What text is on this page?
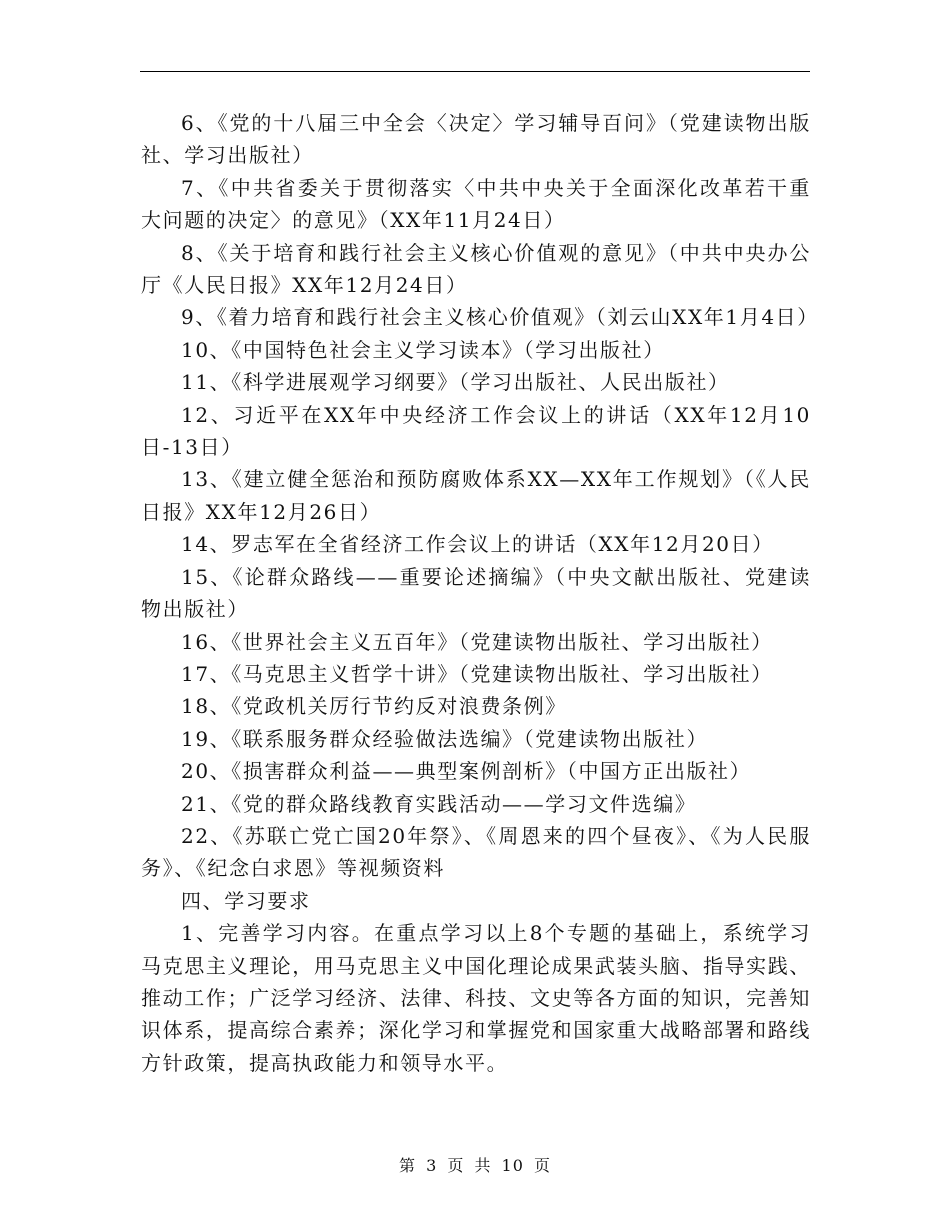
6、《党的十八届三中全会〈决定〉学习辅导百问》（党建读物出版社、学习出版社）

7、《中共省委关于贯彻落实〈中共中央关于全面深化改革若干重大问题的决定〉的意见》（XX年11月24日）

8、《关于培育和践行社会主义核心价值观的意见》（中共中央办公厅《人民日报》XX年12月24日）

9、《着力培育和践行社会主义核心价值观》（刘云山XX年1月4日）

10、《中国特色社会主义学习读本》（学习出版社）

11、《科学进展观学习纲要》（学习出版社、人民出版社）

12、习近平在XX年中央经济工作会议上的讲话（XX年12月10日-13日）

13、《建立健全惩治和预防腐败体系XX—XX年工作规划》（《人民日报》XX年12月26日）

14、罗志军在全省经济工作会议上的讲话（XX年12月20日）

15、《论群众路线——重要论述摘编》（中央文献出版社、党建读物出版社）

16、《世界社会主义五百年》（党建读物出版社、学习出版社）

17、《马克思主义哲学十讲》（党建读物出版社、学习出版社）

18、《党政机关厉行节约反对浪费条例》

19、《联系服务群众经验做法选编》（党建读物出版社）

20、《损害群众利益——典型案例剖析》（中国方正出版社）

21、《党的群众路线教育实践活动——学习文件选编》

22、《苏联亡党亡国20年祭》、《周恩来的四个昼夜》、《为人民服务》、《纪念白求恩》等视频资料

四、学习要求

1、完善学习内容。在重点学习以上8个专题的基础上，系统学习马克思主义理论，用马克思主义中国化理论成果武装头脑、指导实践、推动工作；广泛学习经济、法律、科技、文史等各方面的知识，完善知识体系，提高综合素养；深化学习和掌握党和国家重大战略部署和路线方针政策，提高执政能力和领导水平。

第 3 页 共 10 页
